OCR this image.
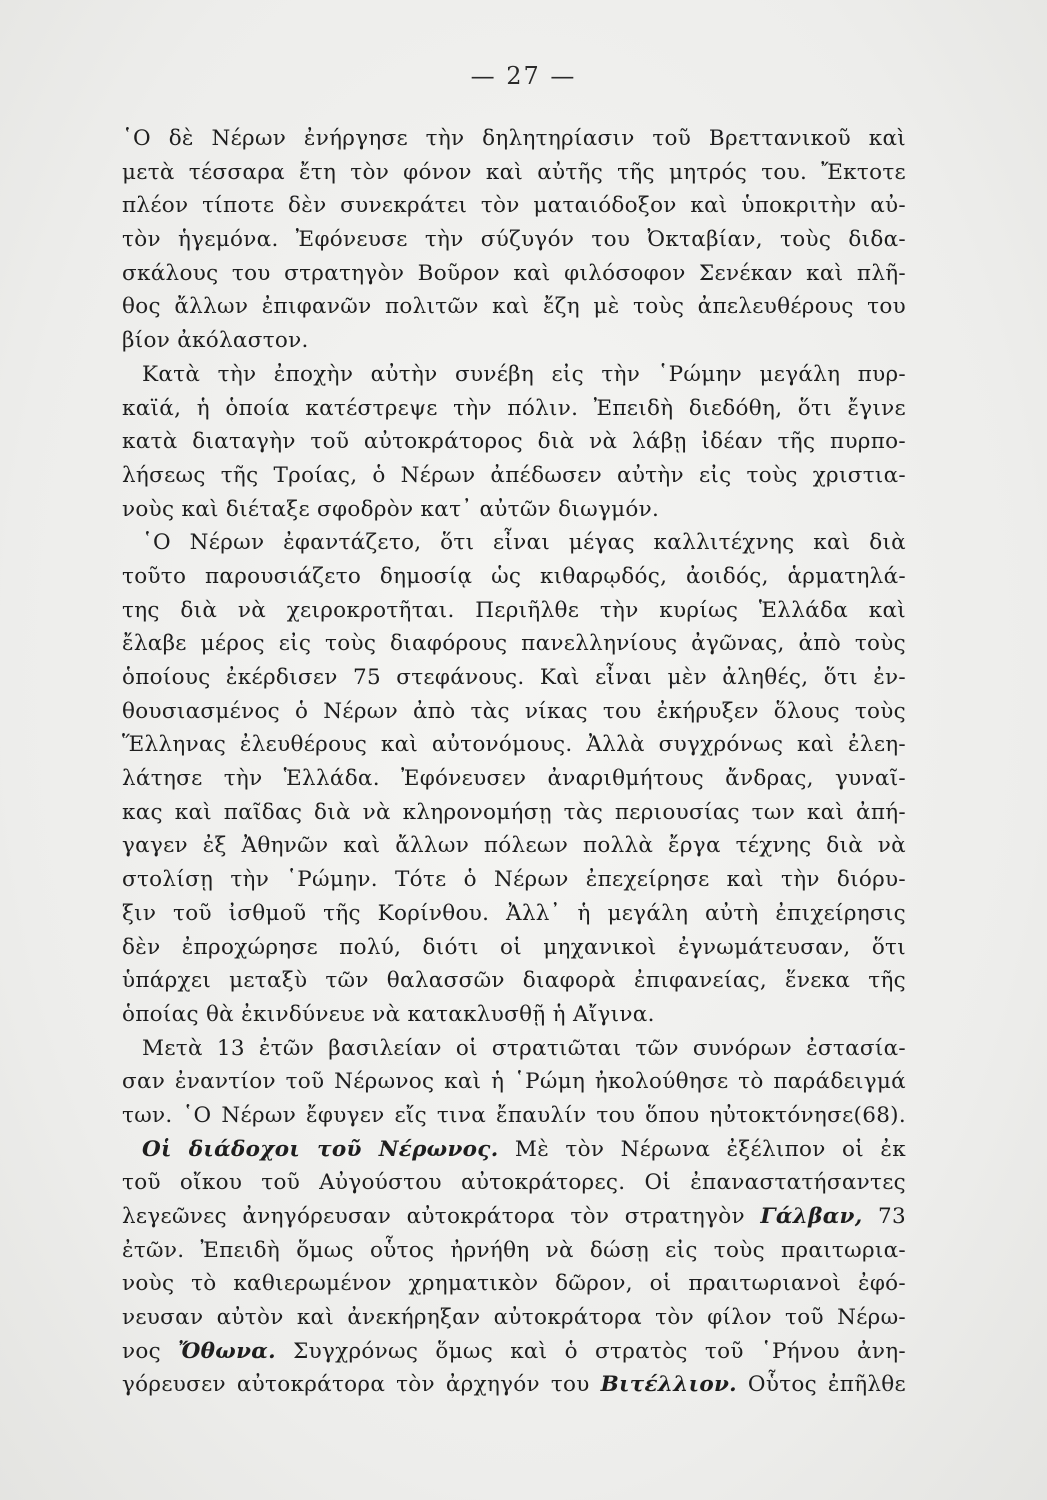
— 27 —
῾Ο δὲ Νέρων ἐνήργησε τὴν δηλητηρίασιν τοῦ Βρεττανικοῦ καὶ
μετὰ τέσσαρα ἔτη τὸν φόνον καὶ αὐτῆς τῆς μητρός του. Ἔκτοτε
πλέον τίποτε δὲν συνεκράτει τὸν ματαιόδοξον καὶ ὑποκριτὴν αὐ-
τὸν ἡγεμόνα. Ἐφόνευσε τὴν σύζυγόν του Ὀκταβίαν, τοὺς διδα-
σκάλους του στρατηγὸν Βοῦρον καὶ φιλόσοφον Σενέκαν καὶ πλῆ-
θος ἄλλων ἐπιφανῶν πολιτῶν καὶ ἔζη μὲ τοὺς ἀπελευθέρους του
βίον ἀκόλαστον.
Κατὰ τὴν ἐποχὴν αὐτὴν συνέβη εἰς τὴν ῾Ρώμην μεγάλη πυρ-
καϊά, ἡ ὁποία κατέστρεψε τὴν πόλιν. Ἐπειδὴ διεδόθη, ὅτι ἔγινε
κατὰ διαταγὴν τοῦ αὐτοκράτορος διὰ νὰ λάβῃ ἰδέαν τῆς πυρπο-
λήσεως τῆς Τροίας, ὁ Νέρων ἀπέδωσεν αὐτὴν εἰς τοὺς χριστια-
νοὺς καὶ διέταξε σφοδρὸν κατ᾽ αὐτῶν διωγμόν.
῾Ο Νέρων ἐφαντάζετο, ὅτι εἶναι μέγας καλλιτέχνης καὶ διὰ
τοῦτο παρουσιάζετο δημοσίᾳ ὡς κιθαρῳδός, ἀοιδός, ἁρματηλά-
της διὰ νὰ χειροκροτῆται. Περιῆλθε τὴν κυρίως Ἑλλάδα καὶ
ἔλαβε μέρος εἰς τοὺς διαφόρους πανελληνίους ἀγῶνας, ἀπὸ τοὺς
ὁποίους ἐκέρδισεν 75 στεφάνους. Καὶ εἶναι μὲν ἀληθές, ὅτι ἐν-
θουσιασμένος ὁ Νέρων ἀπὸ τὰς νίκας του ἐκήρυξεν ὅλους τοὺς
Ἕλληνας ἐλευθέρους καὶ αὐτονόμους. Ἀλλὰ συγχρόνως καὶ ἐλεη-
λάτησε τὴν Ἑλλάδα. Ἐφόνευσεν ἀναριθμήτους ἄνδρας, γυναῖ-
κας καὶ παῖδας διὰ νὰ κληρονομήσῃ τὰς περιουσίας των καὶ ἀπή-
γαγεν ἐξ Ἀθηνῶν καὶ ἄλλων πόλεων πολλὰ ἔργα τέχνης διὰ νὰ
στολίσῃ τὴν ῾Ρώμην. Τότε ὁ Νέρων ἐπεχείρησε καὶ τὴν διόρυ-
ξιν τοῦ ἰσθμοῦ τῆς Κορίνθου. Ἀλλ᾽ ἡ μεγάλη αὐτὴ ἐπιχείρησις
δὲν ἐπροχώρησε πολύ, διότι οἱ μηχανικοὶ ἐγνωμάτευσαν, ὅτι
ὑπάρχει μεταξὺ τῶν θαλασσῶν διαφορὰ ἐπιφανείας, ἕνεκα τῆς
ὁποίας θὰ ἐκινδύνευε νὰ κατακλυσθῇ ἡ Αἴγινα.
Μετὰ 13 ἐτῶν βασιλείαν οἱ στρατιῶται τῶν συνόρων ἐστασία-
σαν ἐναντίον τοῦ Νέρωνος καὶ ἡ ῾Ρώμη ἠκολούθησε τὸ παράδειγμά
των. ῾Ο Νέρων ἔφυγεν εἴς τινα ἔπαυλίν του ὅπου ηὐτοκτόνησε(68).
Οἱ διάδοχοι τοῦ Νέρωνος. Μὲ τὸν Νέρωνα ἐξέλιπον οἱ ἐκ
τοῦ οἴκου τοῦ Αὐγούστου αὐτοκράτορες. Οἱ ἐπαναστατήσαντες
λεγεῶνες ἀνηγόρευσαν αὐτοκράτορα τὸν στρατηγὸν Γάλβαν, 73
ἐτῶν. Ἐπειδὴ ὅμως οὗτος ἠρνήθη νὰ δώσῃ εἰς τοὺς πραιτωρια-
νοὺς τὸ καθιερωμένον χρηματικὸν δῶρον, οἱ πραιτωριανοὶ ἐφό-
νευσαν αὐτὸν καὶ ἀνεκήρηξαν αὐτοκράτορα τὸν φίλον τοῦ Νέρω-
νος Ὄθωνα. Συγχρόνως ὅμως καὶ ὁ στρατὸς τοῦ ῾Ρήνου ἀνη-
γόρευσεν αὐτοκράτορα τὸν ἀρχηγόν του Βιτέλλιον. Οὗτος ἐπῆλθε
